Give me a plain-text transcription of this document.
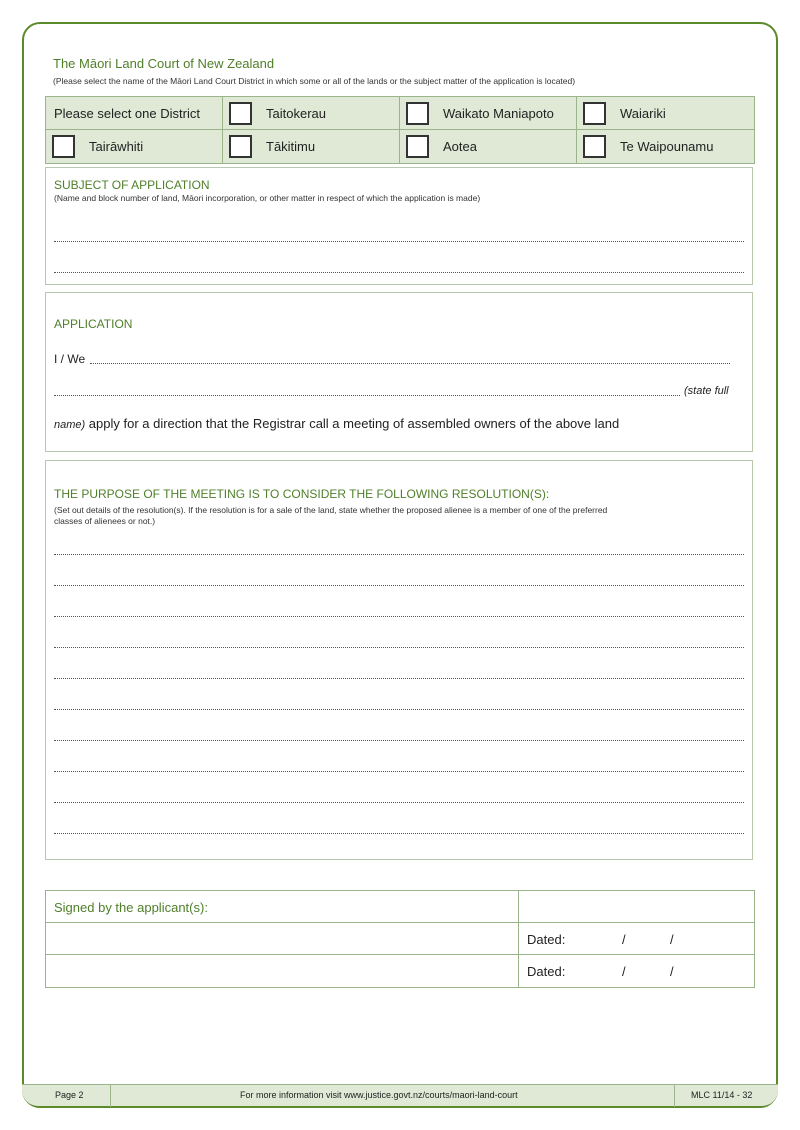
The Māori Land Court of New Zealand
(Please select the name of the Māori Land Court District in which some or all of the lands or the subject matter of the application is located)
Please select one District	Taitokerau	Waikato Maniapoto	Waiariki
Tairāwhiti	Tākitimu	Aotea	Te Waipounamu
SUBJECT OF APPLICATION
(Name and block number of land, Māori incorporation, or other matter in respect of which the application is made)
APPLICATION
I / We
(state full
name) apply for a direction that the Registrar call a meeting of assembled owners of the above land
THE PURPOSE OF THE MEETING IS TO CONSIDER THE FOLLOWING RESOLUTION(S):
(Set out details of the resolution(s). If the resolution is for a sale of the land, state whether the proposed alienee is a member of one of the preferred
classes of alienees or not.)
Signed by the applicant(s):
Dated:	/	/
Dated:	/	/
Page 2	For more information visit www.justice.govt.nz/courts/maori-land-court	MLC 11/14 - 32
